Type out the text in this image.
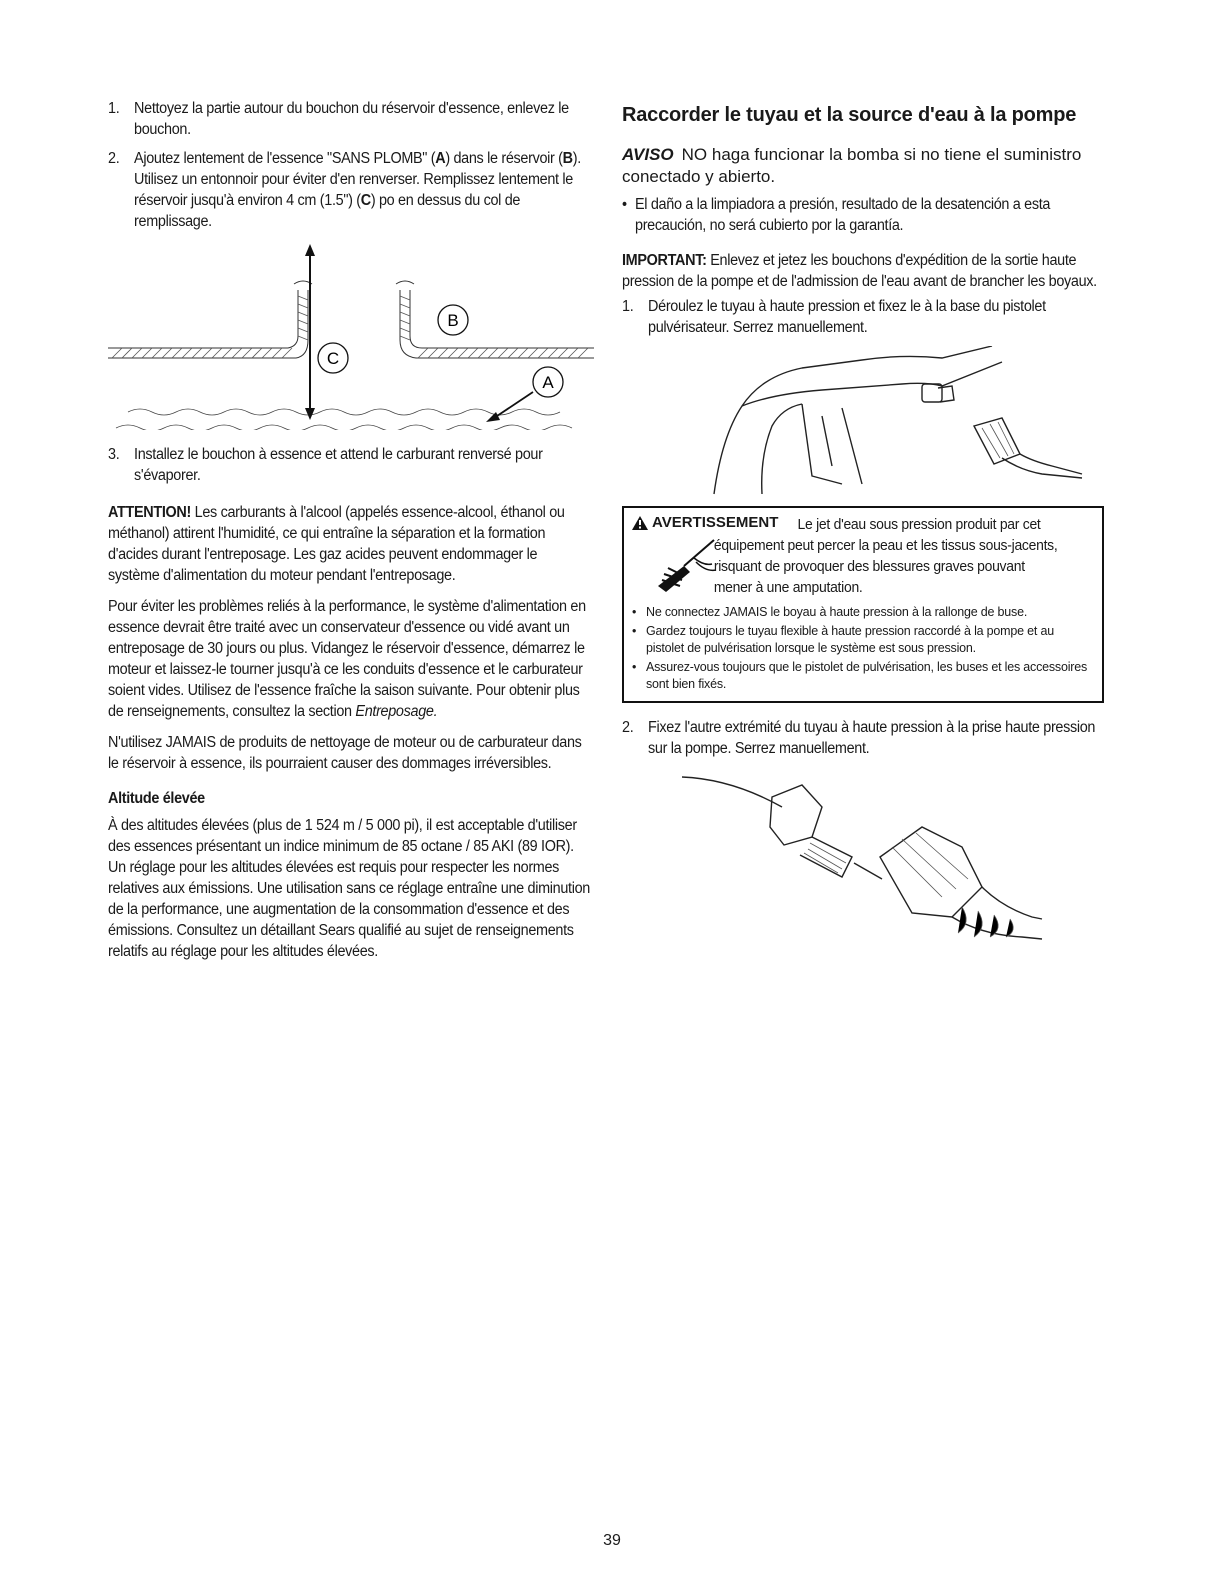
1. Nettoyez la partie autour du bouchon du réservoir d'essence, enlevez le bouchon.
2. Ajoutez lentement de l'essence "SANS PLOMB" (A) dans le réservoir (B). Utilisez un entonnoir pour éviter d'en renverser. Remplissez lentement le réservoir jusqu'à environ 4 cm (1.5") (C) po en dessus du col de remplissage.
C
B
A
3. Installez le bouchon à essence et attend le carburant renversé pour s'évaporer.

ATTENTION! Les carburants à l'alcool (appelés essence-alcool, éthanol ou méthanol) attirent l'humidité, ce qui entraîne la séparation et la formation d'acides durant l'entreposage. Les gaz acides peuvent endommager le système d'alimentation du moteur pendant l'entreposage.

Pour éviter les problèmes reliés à la performance, le système d'alimentation en essence devrait être traité avec un conservateur d'essence ou vidé avant un entreposage de 30 jours ou plus. Vidangez le réservoir d'essence, démarrez le moteur et laissez-le tourner jusqu'à ce les conduits d'essence et le carburateur soient vides. Utilisez de l'essence fraîche la saison suivante. Pour obtenir plus de renseignements, consultez la section Entreposage.

N'utilisez JAMAIS de produits de nettoyage de moteur ou de carburateur dans le réservoir à essence, ils pourraient causer des dommages irréversibles.

Altitude élevée

À des altitudes élevées (plus de 1 524 m / 5 000 pi), il est acceptable d'utiliser des essences présentant un indice minimum de 85 octane / 85 AKI (89 IOR). Un réglage pour les altitudes élevées est requis pour respecter les normes relatives aux émissions. Une utilisation sans ce réglage entraîne une diminution de la performance, une augmentation de la consommation d'essence et des émissions. Consultez un détaillant Sears qualifié au sujet de renseignements relatifs au réglage pour les altitudes élevées.

Raccorder le tuyau et la source d'eau à la pompe
AVISO NO haga funcionar la bomba si no tiene el suministro conectado y abierto.
• El daño a la limpiadora a presión, resultado de la desatención a esta precaución, no será cubierto por la garantía.

IMPORTANT: Enlevez et jetez les bouchons d'expédition de la sortie haute pression de la pompe et de l'admission de l'eau avant de brancher les boyaux.

1. Déroulez le tuyau à haute pression et fixez le à la base du pistolet pulvérisateur. Serrez manuellement.
AVERTISSEMENT	Le jet d'eau sous pression produit par cet
équipement peut percer la peau et les tissus sous-jacents, risquant de provoquer des blessures graves pouvant mener à une amputation.
• Ne connectez JAMAIS le boyau à haute pression à la rallonge de buse.
• Gardez toujours le tuyau flexible à haute pression raccordé à la pompe et au pistolet de pulvérisation lorsque le système est sous pression.
• Assurez-vous toujours que le pistolet de pulvérisation, les buses et les accessoires sont bien fixés.
2. Fixez l'autre extrémité du tuyau à haute pression à la prise haute pression sur la pompe. Serrez manuellement.
39
